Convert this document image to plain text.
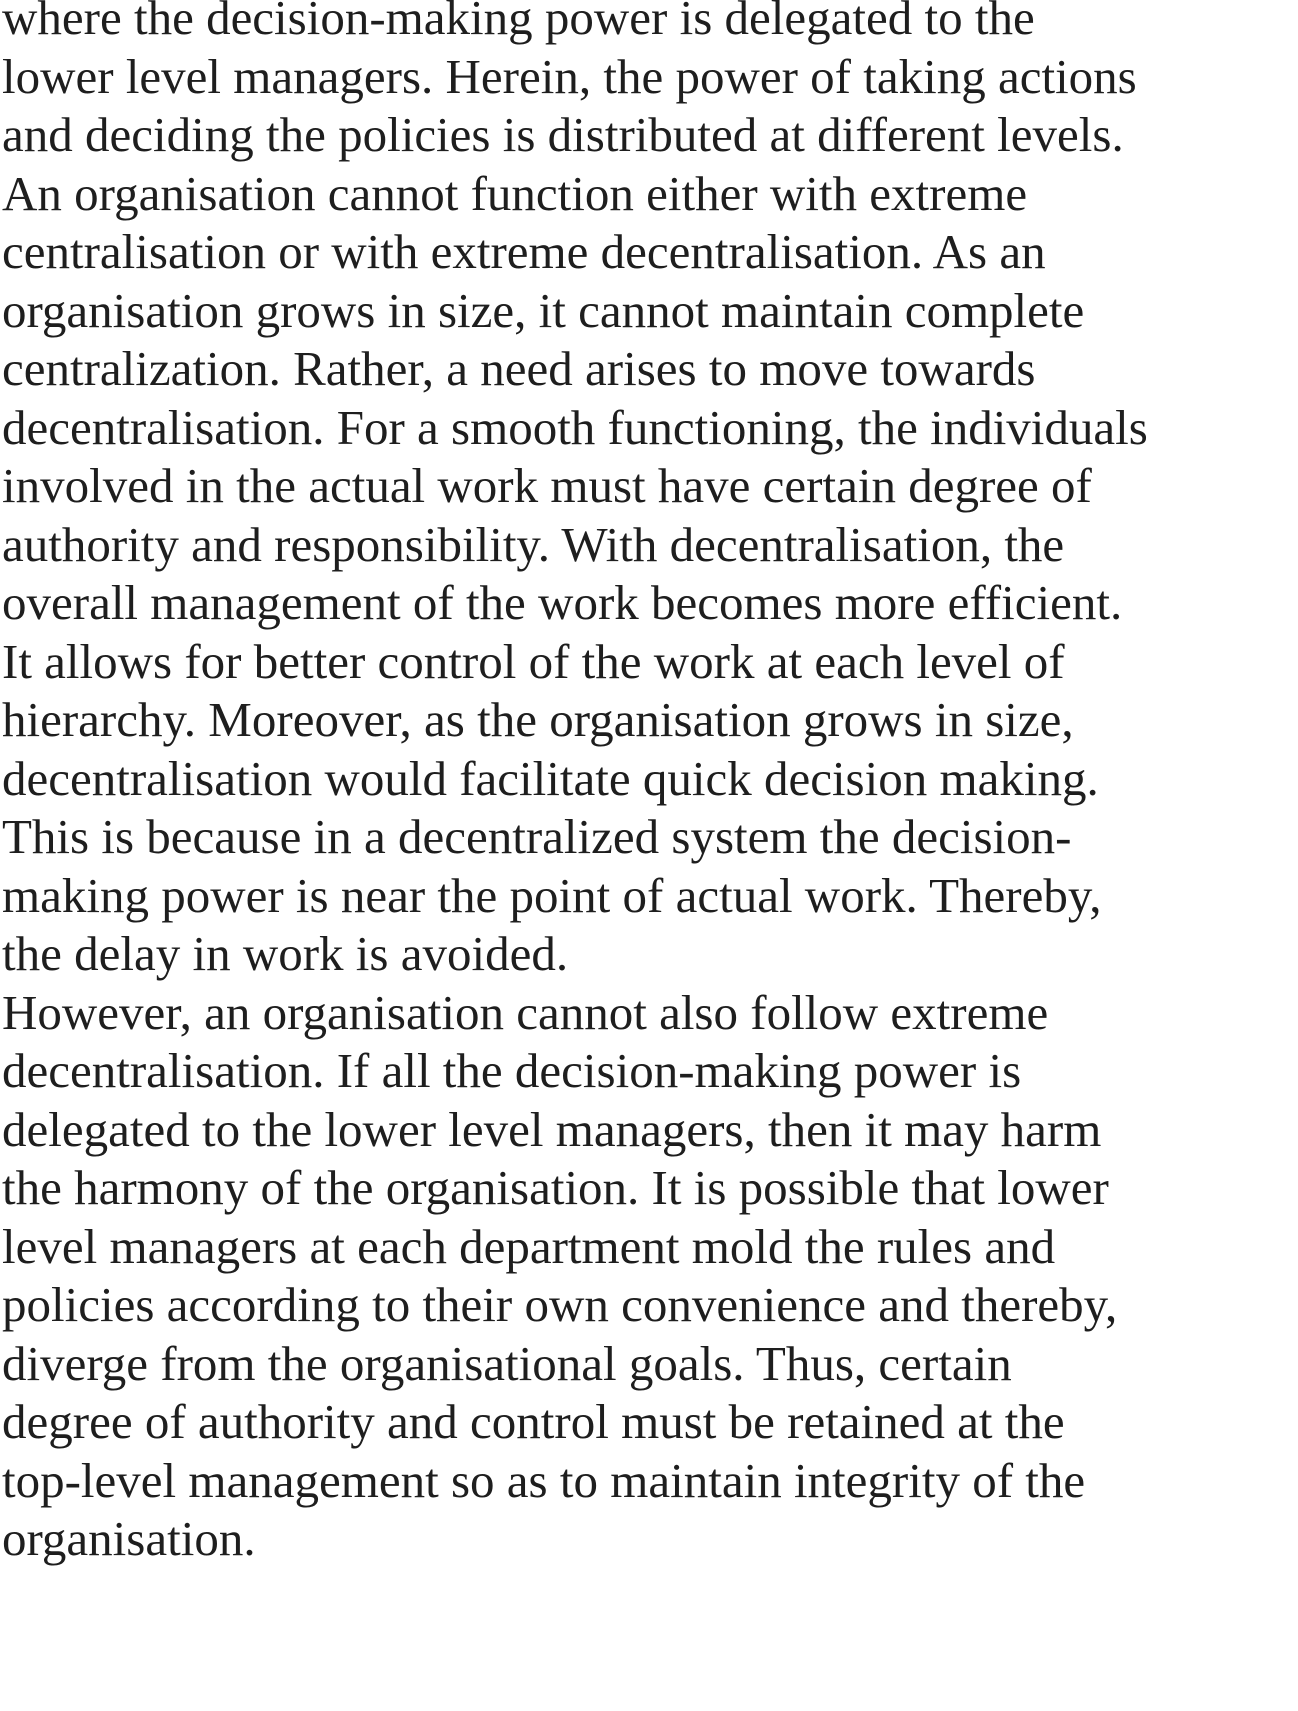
where the decision-making power is delegated to the
lower level managers. Herein, the power of taking actions
and deciding the policies is distributed at different levels.
An organisation cannot function either with extreme
centralisation or with extreme decentralisation. As an
organisation grows in size, it cannot maintain complete
centralization. Rather, a need arises to move towards
decentralisation. For a smooth functioning, the individuals
involved in the actual work must have certain degree of
authority and responsibility. With decentralisation, the
overall management of the work becomes more efficient.
It allows for better control of the work at each level of
hierarchy. Moreover, as the organisation grows in size,
decentralisation would facilitate quick decision making.
This is because in a decentralized system the decision-
making power is near the point of actual work. Thereby,
the delay in work is avoided.
However, an organisation cannot also follow extreme
decentralisation. If all the decision-making power is
delegated to the lower level managers, then it may harm
the harmony of the organisation. It is possible that lower
level managers at each department mold the rules and
policies according to their own convenience and thereby,
diverge from the organisational goals. Thus, certain
degree of authority and control must be retained at the
top-level management so as to maintain integrity of the
organisation.
